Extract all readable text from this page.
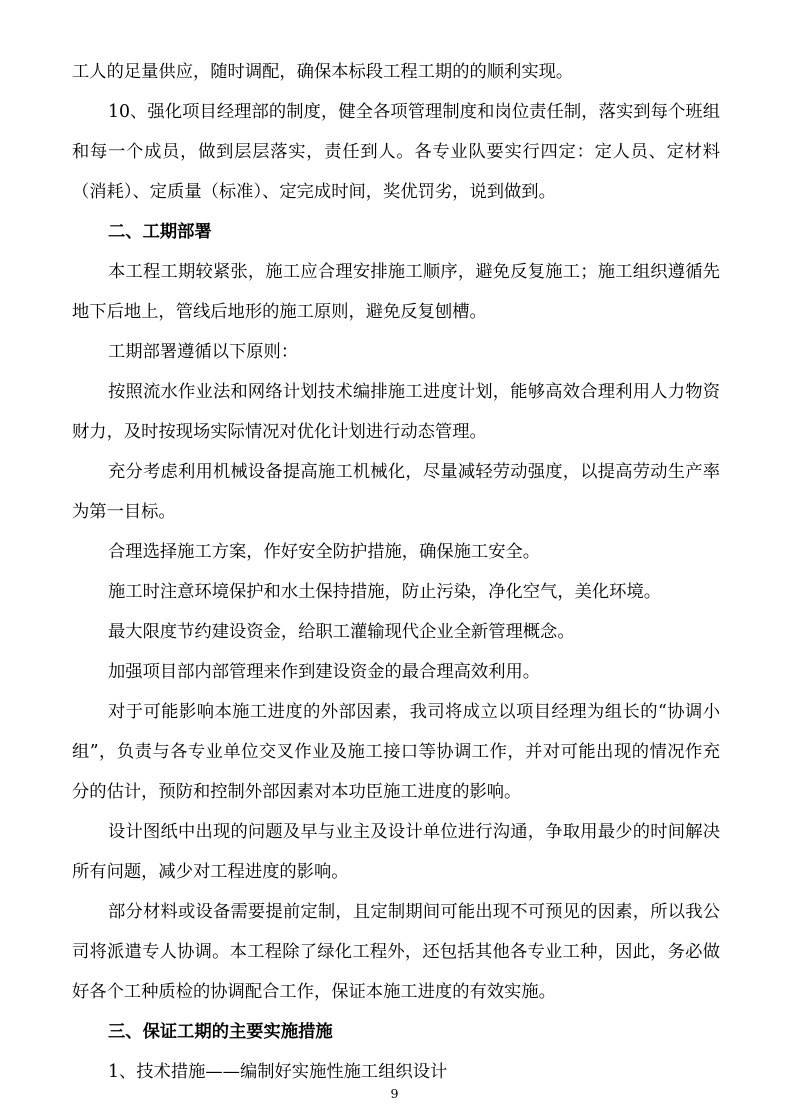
工人的足量供应，随时调配，确保本标段工程工期的的顺利实现。

10、强化项目经理部的制度，健全各项管理制度和岗位责任制，落实到每个班组和每一个成员，做到层层落实，责任到人。各专业队要实行四定：定人员、定材料（消耗）、定质量（标准）、定完成时间，奖优罚劣，说到做到。

二、工期部署

本工程工期较紧张，施工应合理安排施工顺序，避免反复施工；施工组织遵循先地下后地上，管线后地形的施工原则，避免反复刨槽。

工期部署遵循以下原则：

按照流水作业法和网络计划技术编排施工进度计划，能够高效合理利用人力物资财力，及时按现场实际情况对优化计划进行动态管理。

充分考虑利用机械设备提高施工机械化，尽量减轻劳动强度，以提高劳动生产率为第一目标。

合理选择施工方案，作好安全防护措施，确保施工安全。

施工时注意环境保护和水土保持措施，防止污染，净化空气，美化环境。

最大限度节约建设资金，给职工灌输现代企业全新管理概念。

加强项目部内部管理来作到建设资金的最合理高效利用。

对于可能影响本施工进度的外部因素，我司将成立以项目经理为组长的“协调小组”，负责与各专业单位交叉作业及施工接口等协调工作，并对可能出现的情况作充分的估计，预防和控制外部因素对本功臣施工进度的影响。

设计图纸中出现的问题及早与业主及设计单位进行沟通，争取用最少的时间解决所有问题，减少对工程进度的影响。

部分材料或设备需要提前定制，且定制期间可能出现不可预见的因素，所以我公司将派遣专人协调。本工程除了绿化工程外，还包括其他各专业工种，因此，务必做好各个工种质检的协调配合工作，保证本施工进度的有效实施。

三、保证工期的主要实施措施

1、技术措施——编制好实施性施工组织设计

9
